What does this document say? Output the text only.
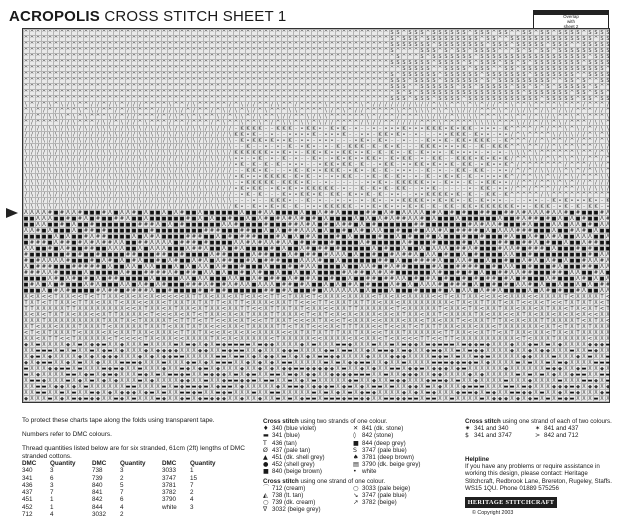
ACROPOLIS CROSS STITCH SHEET 1	Overlap
with
sheet 2
^ ^ ^ ^ ^ ^ ^ ^ ^ ^ ^ ^ ^ ^ ^ ^ ^ ^ ^ ^ ^ ^ ^ ^ ^ ^ ^ ^ ^ ^ ^ ^ ^ ^ ^ ^ ^ ^ ^ ^ ^ ^ ^ ^ ^ ^ ^ ^ ^ ^ ^ ^ ^ ^ ^ ^ ^ ^ ^ ^ ^ S S ^ S S S ^ S S S S S S ^ S S S ^ S S ^ ^ S S ^ S S ^ S S S S ^ S S S S
^ ^ ^ ^ ^ ^ ^ ^ ^ ^ ^ ^ ^ ^ ^ ^ ^ ^ ^ ^ ^ ^ ^ ^ ^ ^ ^ ^ ^ ^ ^ ^ ^ ^ ^ ^ ^ ^ ^ ^ ^ ^ ^ ^ ^ ^ ^ ^ ^ ^ ^ ^ ^ ^ ^ ^ ^ ^ ^ ^ ^ S ^ S S S ^ S S S S S S S S S ^ S S ^ ^ S S S S S S S S S S S S S S ^ S S
^ ^ ^ ^ ^ ^ ^ ^ ^ ^ ^ ^ ^ ^ ^ ^ ^ ^ ^ ^ ^ ^ ^ ^ ^ ^ ^ ^ ^ ^ ^ ^ ^ ^ ^ ^ ^ ^ ^ ^ ^ ^ ^ ^ ^ ^ ^ ^ ^ ^ ^ ^ ^ ^ ^ ^ ^ ^ ^ ^ ^ S S S S S S S ^ S S S S S S S S ^ S S S ^ S S S S S ^ S S S ^ ^ S S S S S
^ ^ ^ ^ ^ ^ ^ ^ ^ ^ ^ ^ ^ ^ ^ ^ ^ ^ ^ ^ ^ ^ ^ ^ ^ ^ ^ ^ ^ ^ ^ ^ ^ ^ ^ ^ ^ ^ ^ ^ ^ ^ ^ ^ ^ ^ ^ ^ ^ ^ ^ ^ ^ ^ ^ ^ ^ ^ ^ ^ ^ S ^ ^ ^ ^ S S S ^ S ^ S S ^ S S S S ^ ^ ^ S ^ S ^ S S ^ S S S S S S S S S
^ ^ ^ ^ ^ ^ ^ ^ ^ ^ ^ ^ ^ ^ ^ ^ ^ ^ ^ ^ ^ ^ ^ ^ ^ ^ ^ ^ ^ ^ ^ ^ ^ ^ ^ ^ ^ ^ ^ ^ ^ ^ ^ ^ ^ ^ ^ ^ ^ ^ ^ ^ ^ ^ ^ ^ ^ ^ ^ ^ ^ ^ S ^ ^ ^ S ^ S S S S S S S ^ S S S S S S S S S S S S S S S S S S ^ S S S
^ ^ ^ ^ ^ ^ ^ ^ ^ ^ ^ ^ ^ ^ ^ ^ ^ ^ ^ ^ ^ ^ ^ ^ ^ ^ ^ ^ ^ ^ ^ ^ ^ ^ ^ ^ ^ ^ ^ ^ ^ ^ ^ ^ ^ ^ ^ ^ ^ ^ ^ ^ ^ ^ ^ ^ ^ ^ ^ ^ ^ S S S S S S S ^ S S S S ^ S ^ S S S ^ S S ^ S ^ S S S S S S S S ^ S S S S
^ ^ ^ ^ ^ ^ ^ ^ ^ ^ ^ ^ ^ ^ ^ ^ ^ ^ ^ ^ ^ ^ ^ ^ ^ ^ ^ ^ ^ ^ ^ ^ ^ ^ ^ ^ ^ ^ ^ ^ ^ ^ ^ ^ ^ ^ ^ ^ ^ ^ ^ ^ ^ ^ ^ ^ ^ ^ ^ ^ ^ ^ ^ S S S S S ^ ^ S S S S ^ S S S ^ ^ S S ^ S S S S S S S S S S S S S S ^
^ ^ ^ ^ ^ ^ ^ ^ ^ ^ ^ ^ ^ ^ ^ ^ ^ ^ ^ ^ ^ ^ ^ ^ ^ ^ ^ ^ ^ ^ ^ ^ ^ ^ ^ ^ ^ ^ ^ ^ ^ ^ ^ ^ ^ ^ ^ ^ ^ ^ ^ ^ ^ ^ ^ ^ ^ ^ ^ ^ ^ S ^ S S S S S S ^ S S S S S S ^ S S S S S S S ^ S S S S S S S ^ ^ S S S S
^ ^ ^ ^ ^ ^ ^ ^ ^ ^ ^ ^ ^ ^ ^ ^ ^ ^ ^ ^ ^ ^ ^ ^ ^ ^ ^ ^ ^ ^ ^ ^ ^ ^ ^ ^ ^ ^ ^ ^ ^ ^ ^ ^ ^ ^ ^ ^ ^ ^ ^ ^ ^ ^ ^ ^ ^ ^ ^ ^ ^ S S S ^ S S S S ^ S S S S S S ^ S ^ S S S S S S S S S ^ ^ S S ^ S ^ ^ S S
^ ^ ^ ^ ^ ^ ^ ^ ^ ^ ^ ^ ^ ^ ^ ^ ^ ^ ^ ^ ^ ^ ^ ^ ^ ^ ^ ^ ^ ^ ^ ^ ^ ^ ^ ^ ^ ^ ^ ^ ^ ^ ^ ^ ^ ^ ^ ^ ^ ^ ^ ^ ^ ^ ^ ^ ^ ^ ^ ^ ^ S S S ^ ^ S S S S S S ^ S S ^ S S S S S ^ S S ^ S ^ S ^ S S S S S ^ S ^ ^
^ ^ ^ ^ ^ ^ ^ ^ ^ ^ ^ ^ ^ ^ ^ ^ ^ ^ ^ ^ ^ ^ ^ ^ ^ ^ ^ ^ ^ ^ ^ ^ ^ ^ ^ ^ ^ ^ ^ ^ ^ ^ ^ ^ ^ ^ ^ ^ ^ ^ ^ ^ ^ ^ ^ ^ ^ ^ ^ ^ ^ ^ S ^ S ^ S S S S S S S S S S S S S S S S S ^ S S S S S S S ^ S S ^ S S ^
^ ^ ^ ^ ^ ^ ^ ^ ^ ^ ^ ^ ^ ^ ^ ^ ^ ^ ^ ^ ^ ^ ^ ^ ^ ^ ^ ^ ^ ^ ^ ^ ^ ^ ^ ^ ^ ^ ^ ^ ^ ^ ^ ^ ^ ^ ^ ^ ^ ^ ^ ^ ^ ^ ^ ^ ^ ^ ^ ^ ^ S S S ^ S S S ^ S S S S ^ S S S S S S S S S S S S ^ S S S S S ^ S S ^ S S
\ ^ / ^ \ ^ \ / \ ^ ^ / / ^ / \ ^ / / / ^ ^ ^ ^ \ ^ ^ / \ ^ ^ ^ ^ ^ / ^ \ / / ^ ^ / \ ^ ^ / ^ ^ ^ ^ \ ^ ^ ^ ^ ^ \ ^ / / / / / / / \ / / ^ \ \ ^ ^ \ ^ \ ^ / / ^ ^ \ ^ ^ \ ^ ^ ^ ^ \ ^ ^ ^ / ^ ^ ^ /
^ \ ^ / ^ / ^ ^ ^ \ ^ \ / ^ ^ / ^ / \ ^ ^ ^ / / / \ / ^ / ^ ^ / ^ \ / \ ^ \ / ^ \ ^ ^ ^ \ \ ^ ^ ^ ^ \ / ^ \ ^ / / ^ ^ ^ ^ ^ \ ^ ^ \ \ \ ^ \ ^ \ \ / / / ^ ^ ^ \ ^ / \ / \ ^ / \ ^ / \ / ^ ^ ^ / / ^
/ / ^ / \ \ \ ^ \ ^ \ ^ ^ ^ \ / ^ / / ^ ^ ^ / ^ / \ ^ \ ^ \ ^ ^ \ / ^ \ \ ^ / \ ^ ^ \ / / ^ ^ \ / \ \ ^ ^ ^ ^ ^ ^ \ ^ / ^ ^ / ^ ^ ^ \ \ / \ / ^ \ \ \ \ ^ ^ ^ \ ^ \ ^ ^ / ^ \ / \ ^ ^ \ ^ \ ^ ^ ^ \
^ / ^ ^ ^ ^ / / \ ^ ^ ^ / \ / ^ \ / / ^ \ ^ ^ ^ / ^ ^ / ^ ^ ^ / ^ \ ^ ^ \ ^ ^ \ ^ / ^ \ \ ^ \ \ ^ \ / / ^ ^ ^ ^ / \ / / ^ ^ / / / / ^ ^ ^ \ ^ ^ ^ ^ ^ \ \ \ \ ^ ^ ^ \ / / ^ / \ ^ \ / ^ ^ ^ / \ \ ^
/ / / \ \ \ / \ \ / \ / \ \ \ / / \ \ \ / \ / \ \ / \ / \ \ / \ / / / - K K K K - - K K K - • K K • - K • K - • - - • - • • • K • • • K K K • K • K K - • • • - K ^ ^ ^ ^ / ^ / ^ ^ \ ^ \ / ^ / \ \
/ / / / \ \ / \ / / / / / / \ \ / / / \ \ \ \ / \ / \ / / / / / / / \ K K • K - - • - - • • • • K - • • • K - - • • - K K • K • - • - - - • • K K K - K • • - • • / ^ \ ^ ^ ^ ^ \ / \ \ / / ^ \ ^ \
/ \ \ \ / / \ \ / \ / \ / / / / / / \ \ \ \ / / \ \ / \ \ / \ / \ \ \ - K • K K • K • • K - • • - • • • - - - • K • - K • - - • - - - K • • K - K K • K K K - - K ^ ^ ^ / / ^ \ ^ ^ / ^ / ^ ^ / ^ \
/ \ / / \ \ / \ \ / / \ \ / \ / \ / \ \ / / \ / / / / \ \ \ / / / / \ - - K - - • - • - K - • K • - • - K - K K K - K - K • K - - - K K K • • • • K - - K - K K K ^ ^ \ ^ ^ / / ^ \ ^ ^ \ ^ ^ / \ /
\ / / / \ / \ \ / / / / / \ \ \ \ / / \ / \ / \ \ / \ / \ / / \ \ \ / K K K K K K • • K • • - K K • K • • K K • • K - K - K • - K - K • • • - K • • • • - • - • - \ \ \ ^ \ ^ ^ ^ ^ ^ ^ \ ^ ^ / ^ \
/ / \ \ / / / \ / / / \ \ / / / / / / \ \ \ / / / / \ / / \ / \ \ / \ • • - • K - • - K - • - - K • - • K • K • • K K • - K • K K - • - K K - - K K K • K • K • K / ^ ^ \ \ / ^ \ ^ \ ^ \ / ^ ^ / ^
\ \ \ \ \ \ \ / \ \ / \ \ \ / \ / \ \ / / / / \ \ \ / / \ / \ \ / / / • K - K - K - K - • • • - - • K K • K K - K - - • K K - • • K K • K • • K - K K - • K • • K ^ / ^ ^ ^ ^ ^ ^ ^ / ^ ^ ^ / \ / ^
\ / \ \ \ \ \ / / / \ / / / / \ \ \ \ \ / / \ \ \ / \ \ / / \ / / / / - - K K • K - - - • K - K • • K K K - • K • - K - K - • • • - - K - • - - K K - K K - - • • / ^ / ^ / \ \ / \ ^ \ ^ / ^ \ \ ^
\ \ \ / \ / \ \ \ / / \ / / \ \ \ / \ / \ / / \ \ \ \ \ \ \ / / / \ / • K • • • K K K K - K • K - • - • • K K - - • K - K - K • - • - K - • K • K - K - • • • • K ^ / ^ ^ \ \ ^ \ / ^ \ / ^ ^ ^ \ \
/ \ \ / \ \ \ \ \ \ / / \ \ \ / \ \ / / \ \ \ \ / \ / / / / / \ \ \ \ - • K K K K K - K K K • K - - • - - - - - - • • K • - K K K K K • • - K • • - K - • K K • • / / ^ ^ / ^ ^ \ ^ \ ^ / / ^ / / /
\ \ \ / \ \ \ / \ / / \ \ \ \ / \ \ / \ \ / \ / \ / \ / / \ \ / / / / • K • K K - • K • K • • K K K K K - • - - K - K • K - K K - - • • K - - - - - • - K K - • • / ^ ^ / ^ ^ ^ / / ^ ^ / \ / \ \ /
/ \ / / \ / / / \ / \ \ \ \ / / \ \ \ / / \ / \ / \ \ \ \ / / \ \ / / - • K - K - - - K • • K K • K - K K - K • • K - K - • • - - • • K K K K • K - K - - K K - K ^ ^ ^ ^ ^ / \ ^ ^ ^ ^ ^ ^ ^ ^ ^ ^
\ \ / / / / \ / \ \ \ \ \ / / / \ / / \ / / \ \ / / / \ / / \ / \ \ \ - - - • - - K K K • - - K - • - - • - • - • - K • - • • K K K K • • K • K • - K - K • • • - - - - • • - - K • K • • • K • - K
\ \ \ \ \ / \ \ / \ / / / / \ / / \ \ / / / / / \ / / \ / / / \ \ \ / K • - K • • K • K - K - • • • K K K K K - • • K • K • • • K • K - K - K K - K K • K K K K K K • • - K K K - • K - K - K K - •
Λ Λ Λ Λ # ■ # Λ Λ # ■ ■ ■ # Λ ■ Λ Λ # ■ Λ ■ ■ Λ ■ Λ # ■ ■ Λ ■ ■ ■ ■ ■ ■ Λ ■ ■ # Λ Λ ■ ■ ■ ■ Λ ■ ■ Λ # # Λ ■ ■ ■ ■ # # ■ Λ # ■ Λ Λ Λ Λ ■ # Λ ■ # ■ # ■ ■ # # ■ ■ # # Λ # Λ Λ Λ # Λ Λ # ■ # ■ ■ ■ # Λ
■ ■ Λ Λ Λ ■ ■ # ■ # Λ ■ # ■ ■ # # Λ ■ ■ Λ ■ ■ ■ ■ ■ ■ # ■ Λ ■ Λ ■ ■ # ■ ■ Λ ■ Λ # ■ # Λ # Λ # ■ # ■ Λ ■ ■ ■ ■ Λ ■ Λ ■ Λ # Λ # # Λ Λ # ■ Λ ■ ■ ■ Λ ■ ■ ■ ■ ■ ■ Λ ■ ■ # Λ # # ■ # ■ Λ ■ Λ ■ # ■ ■ Λ #
■ ■ Λ Λ ■ ■ # ■ Λ ■ ■ # ■ ■ ■ ■ ■ ■ ■ # # # Λ ■ Λ ■ # ■ ■ ■ ■ ■ ■ Λ Λ # ■ ■ ■ ■ # ■ ■ ■ # # Λ # Λ ■ # ■ Λ # # ■ Λ ■ # ■ ■ ■ ■ ■ ■ # # ■ ■ ■ ■ ■ ■ ■ # Λ # Λ Λ # ■ ■ ■ # Λ ■ ■ ■ Λ Λ ■ Λ Λ ■ # ■ Λ Λ
Λ Λ # ■ Λ ■ ■ ■ Λ ■ # # ■ # ■ ■ ■ ■ ■ ■ ■ # ■ ■ ■ ■ ■ ■ ■ ■ # # # ■ ■ ■ # # ■ ■ Λ ■ Λ ■ # # Λ Λ Λ ■ Λ ■ ■ # ■ Λ # ■ Λ Λ ■ ■ # ■ ■ # ■ Λ Λ # Λ ■ # # # # ■ Λ ■ Λ Λ Λ # # # ■ ■ ■ Λ ■ ■ # Λ # ■ Λ ■ ■
■ ■ ■ ■ ■ Λ ■ Λ ■ ■ # Λ # # ■ ■ ■ ■ Λ ■ Λ # Λ ■ ■ ■ ■ # # # ■ ■ Λ ■ # ■ # # # ■ ■ ■ # Λ ■ Λ ■ # Λ ■ ■ ■ # ■ Λ ■ ■ ■ ■ # ■ ■ Λ ■ # ■ ■ # ■ Λ ■ ■ ■ # ■ ■ # ■ ■ ■ # Λ ■ ■ Λ # ■ Λ # Λ ■ ■ Λ Λ Λ ■ ■ Λ
■ # # # ■ Λ # # ■ # Λ # Λ # # Λ Λ ■ ■ # # Λ Λ Λ Λ ■ # # # ■ # ■ ■ ■ ■ Λ Λ # Λ # Λ Λ # Λ Λ ■ # ■ # ■ ■ # ■ ■ ■ ■ Λ # ■ ■ ■ ■ ■ Λ # ■ ■ ■ # ■ ■ ■ ■ # ■ Λ ■ ■ ■ # # ■ ■ # # Λ ■ # ■ ■ Λ ■ ■ Λ # # ■ ■
Λ Λ ■ ■ # ■ Λ # ■ ■ # # ■ ■ Λ Λ Λ ■ ■ Λ ■ Λ Λ Λ ■ ■ ■ Λ # # Λ ■ ■ Λ ■ # Λ ■ ■ ■ ■ # ■ Λ ■ ■ Λ # ■ # # ■ # ■ ■ ■ ■ ■ Λ ■ # ■ ■ Λ ■ ■ Λ ■ Λ Λ Λ ■ # # Λ # ■ ■ ■ # Λ Λ # ■ # # # ■ Λ ■ ■ ■ # ■ # ■ ■ ■
# ■ ■ ■ ■ ■ ■ # ■ # ■ ■ # ■ ■ ■ ■ # # ■ ■ ■ # # ■ ■ # ■ ■ ■ ■ Λ # # ■ ■ ■ ■ Λ # # ■ ■ ■ Λ # ■ # # ■ # Λ Λ Λ ■ Λ ■ ■ # ■ ■ # Λ # # Λ ■ Λ Λ ■ # ■ ■ Λ ■ # ■ ■ ■ ■ Λ Λ ■ ■ # ■ ■ ■ ■ ■ ■ ■ ■ ■ # ■ Λ Λ
# ■ # Λ Λ Λ Λ # ■ ■ ■ # ■ Λ # ■ Λ ■ # Λ ■ ■ # ■ Λ # ■ ■ Λ # Λ ■ Λ # # ■ ■ # Λ ■ # # # ■ ■ ■ Λ Λ Λ # ■ ■ Λ ■ ■ ■ ■ ■ ■ # # ■ Λ ■ ■ # # # # Λ ■ ■ Λ Λ # ■ ■ Λ ■ ■ # ■ ■ Λ # Λ ■ Λ # ■ Λ ■ ■ # Λ Λ # Λ
Λ ■ # # # ■ ■ ■ # # # # # ■ Λ ■ ■ Λ Λ ■ Λ Λ ■ ■ ■ Λ ■ Λ ■ Λ Λ ■ Λ # ■ ■ # ■ ■ ■ Λ ■ ■ ■ # ■ # Λ Λ ■ ■ ■ ■ Λ ■ ■ Λ Λ # ■ # Λ # # ■ ■ ■ ■ # Λ ■ ■ # # # # ■ ■ # ■ Λ Λ ■ ■ # ■ ■ ■ # Λ ■ ■ ■ # # ■ Λ Λ
# # # Λ Λ # ■ ■ ■ ■ Λ ■ ■ ■ ■ ■ Λ # ■ ■ # # # # Λ # ■ # # ■ Λ Λ ■ Λ ■ ■ # ■ Λ # ■ ■ Λ ■ ■ Λ ■ ■ Λ ■ ■ ■ ■ # Λ # # ■ Λ # Λ # ■ ■ ■ ■ ■ ■ Λ # ■ ■ # ■ # ■ Λ ■ ■ # # Λ Λ # # ■ ■ ■ # # ■ Λ Λ ■ ■ # Λ ■
■ ■ ■ ■ Λ # ■ Λ # ■ # ■ Λ ■ # # ■ ■ ■ ■ ■ Λ ■ ■ ■ ■ Λ Λ ■ Λ Λ ■ ■ ■ Λ Λ ■ ■ Λ # ■ # # ■ Λ # ■ # Λ ■ ■ # ■ ■ Λ ■ ■ # # ■ # # Λ Λ ■ # ■ # Λ ■ # ■ ■ # ■ # ■ # # ■ # Λ ■ # ■ ■ ■ Λ # ■ ■ ■ Λ # ■ Λ ■ Λ
■ # Λ ■ Λ ■ # ■ ■ ■ Λ # Λ ■ ■ ■ Λ Λ ■ Λ # ■ Λ # ■ ■ ■ # # # Λ # ■ # Λ # Λ Λ ■ Λ Λ Λ ■ # # ■ # Λ ■ ■ Λ ■ Λ ■ # Λ ■ # ■ ■ ■ Λ # ■ Λ ■ Λ Λ Λ # ■ # # # ■ Λ ■ ■ # ■ # ■ Λ Λ # ■ Λ ■ ■ Λ ■ ■ Λ ■ Λ ■ # #
■ ■ ■ Λ ■ # Λ # ■ ■ ■ ■ # Λ # # ■ # # # # Λ ■ ■ # ■ ■ ■ ■ # ■ # ■ # ■ ■ ■ ■ ■ ■ # # ■ # Λ ■ ■ ■ # ■ Λ Λ Λ Λ Λ Λ ■ Λ ■ ■ ■ Λ ■ ■ ■ # ■ ■ ■ # ■ Λ ■ Λ Λ ■ Λ # # Λ ■ ■ ■ ■ Λ ■ Λ # ■ # ■ ■ # Λ ■ ■ Λ Λ
X < X < < T X X < < T < T T X X < X < X < X < < < < < X T T X < X X < X T < X < < T T < T X X < T < X X X < X X X X < T X < X < X X X X < < T < X T X X < < X < < X X X < < X X X X T < X X X X T <
T X T < T T X X < T T X < X X T < X X < < X X < T X X T X T X T T < X T T < X X X < X X T T < < < T T < X X T X T T X < X X < X X X X X X X X < T X < X T T X T < X T < < X < T < < T X T X T X < T
T T X X X X X T T X X X X X X X X < < X T X X < X T X X < X T X X < X X T T < < X T T X T X T < X X < < X X T T X X X X X < T < X X X X X T < X X < T X < X X T X X < X X < X T X X < T X < X T < T
X < X < T X T X < X X < < X T T X X X X < T < < < X < X T < T X X < X < X T X X X T T X X X < T < X T < X < X < X X X < X < X T X X < X X T < X X X X T X < X X < < X T X < X X < X < X < X < < X X
X X X T X X X X X X X X X T X X T X < T X X X X T < T T T < T T < < X < X T < < T T X X T < < < X T X < < T < X X X < < X X X < X X < T X < X X T < < X X T T T X < X < X X T T X X X X T < X T X <
X T < X X < X X X T X X X T < X X X X X T X X T < X X T X T X < < < X X < T X X X X T T < T X T < < < X < T T T X X < < T < < X T < T X T T X X < X X < X X < T X X X X X X < X T < T X T X T X X X
< T < X T X X X T < X X X < X < X X T X X < X X X < T T X T X < < X < X < X < X X X X < < X T X T X T T T X X T X X < < T X X T X X X X X < T T X X < < X T T < X T X X < X X < T X < X T X X X X X
X X < X T T < < T X X X X X < T < < < < T X < X X < < X X X X T X < X < X X X X X < T X X X X X < < X X X X < X < X X < T < X < < < T T < < T T < X X X X X X X X X < T < X X X T X X X X X < X X X
◆ X ▬ X X X X ◆ X ▬ X ◆ ◆ ▬ X X ◆ X X X ▬ X X X X ▬ X ▬ ◆ X ◆ X ▬ ◆ ▬ ▬ ▬ ▬ X ▬ ◆ ◆ X X X X ◆ X ▬ X X X ▬ ▬ ◆ X X X ▬ X X ▬ X ▬ ◆ ◆ X ▬ ◆ ▬ ▬ ▬ X ▬ ◆ ◆ ▬ ◆ X X X ◆ X X ◆ ▬ X ▬ X ◆ X X X X ◆ ◆ ◆ ▬
X X ▬ ▬ ▬ X ▬ X ▬ X X ▬ X ◆ ▬ X ◆ X X X ◆ X ◆ ◆ ◆ ◆ X X X ◆ ◆ X X ▬ ◆ ▬ ▬ X X ◆ X X X ◆ ◆ ▬ X X X X ◆ ▬ X ▬ ▬ X X ◆ X ▬ ▬ ◆ X ▬ ◆ X X ◆ ▬ ◆ X X ▬ X ▬ ◆ ◆ X X X X ◆ X X ◆ X ◆ ◆ X X X ▬ X X ▬ ◆ X X
X ◆ ▬ X ◆ X X X X ◆ X ◆ X ◆ ◆ ◆ X X X ◆ X ◆ X ◆ ◆ ▬ ▬ X X X X X ▬ ▬ X ▬ ▬ X ◆ X ◆ ◆ X ▬ X ◆ X ◆ X ▬ ▬ ◆ ◆ X X X X ◆ X X X ◆ ◆ ◆ X X X X ▬ ◆ ▬ X ▬ X X ▬ ◆ ▬ X X X X X ◆ ◆ X X X ▬ X X X ◆ X ▬ X X ▬
◆ X ◆ ▬ ▬ X X ◆ X ▬ X X ◆ X X X ▬ ▬ ▬ ◆ X X X ▬ X X X ◆ ▬ X ◆ X ▬ ▬ ▬ X X ◆ X ◆ X ◆ X ▬ ▬ X X X X X ▬ X ▬ X ◆ ◆ ▬ ▬ X X ◆ X X ▬ X X X X ▬ ▬ ▬ ◆ ◆ ▬ ◆ ▬ X ◆ X X X X ▬ X ▬ X X ▬ X ▬ ◆ X X X X ▬ ▬ ▬
▬ X X X ◆ ◆ ▬ ▬ X ▬ X X X ▬ ◆ ▬ ◆ X X ▬ X X X ◆ X X ▬ ◆ X ◆ ▬ X ◆ X X X ◆ X X ◆ X ◆ X ◆ ◆ ▬ ▬ ◆ ◆ ◆ ◆ ◆ X ▬ X X ◆ X ◆ X X ▬ ▬ X ◆ ◆ ▬ X ◆ ◆ ◆ X ◆ ▬ X X X X X X ◆ X X X X X X ▬ ◆ ◆ X X ◆ ▬ X X ◆ X
▬ X ◆ X X X X ▬ ▬ X ◆ ▬ X ◆ ▬ ◆ X X X ▬ ◆ X ▬ X ▬ ▬ ◆ ▬ X X ▬ ◆ ◆ ◆ X ▬ X ◆ ▬ X X ▬ ▬ X ▬ ◆ X ◆ ◆ X X ◆ ◆ ◆ ◆ ▬ ▬ ▬ X X ▬ X X ◆ ◆ ◆ X X ◆ ◆ X X X X ◆ X ◆ X X X X X ▬ X ▬ X ▬ X ◆ X X ◆ ▬ ▬ X X ▬ ▬
X ▬ ▬ ◆ X X X ▬ X ◆ X ▬ X ◆ X ◆ X X X ▬ X ◆ X X X X ◆ ◆ X X ▬ X X ◆ ▬ ▬ ◆ ◆ ▬ X ▬ ▬ X X ▬ X ◆ X ▬ X X X X X ◆ ▬ X X ◆ X X ▬ ◆ ◆ X X X ◆ ▬ ▬ ◆ X ▬ X X ◆ X X X X ▬ X X X ◆ X X X X ▬ X X X ▬ ▬ ◆ X ▬
X X ▬ ▬ X ◆ ◆ X ◆ X ▬ X X X X X X ▬ ▬ X X X X ▬ X ▬ ◆ ▬ ▬ ◆ ▬ X ◆ ▬ ▬ X ◆ X X X X X ◆ X ▬ ▬ ◆ X ◆ ◆ ◆ ▬ X ◆ ▬ X ◆ X ▬ ▬ X ▬ X X ◆ ◆ X ▬ X ◆ X X X ◆ ▬ ▬ ▬ X X X ▬ ▬ X ▬ ◆ X X X ◆ ◆ ◆ ▬ ◆ X ◆ ◆ X ◆
X X ▬ ▬ X X ▬ X ▬ X X ▬ ◆ X ◆ X ◆ ◆ ◆ X ◆ ▬ X ▬ X X ▬ ▬ ◆ ▬ X X ▬ ◆ ▬ X X X ▬ X X ▬ ▬ X X X X X ▬ X ▬ X ◆ X ▬ X ◆ ▬ ◆ X X X X ◆ X ◆ X ▬ ◆ X X X ◆ ▬ ▬ ◆ X ▬ ◆ X X ▬ ▬ ◆ ◆ X ▬ X X ◆ X ▬ ◆ X X X ◆ ▬
◆ X X X ▬ X ◆ X ▬ ◆ ▬ ◆ ◆ X X ▬ ◆ X ▬ X X X ▬ ◆ X X ◆ ▬ X ◆ ▬ ◆ ◆ ◆ X X ◆ X X ◆ X X ▬ X ▬ X ◆ ▬ ▬ X ▬ ▬ ▬ ◆ ▬ ▬ ◆ ◆ X X ▬ ▬ ◆ ◆ ▬ ▬ X ▬ ▬ X X ▬ X X X X ▬ X ◆ ◆ ◆ X ◆ X ◆ ▬ X ▬ X ▬ ◆ ▬ X X X ▬ X X

To protect these charts tape along the folds using transparent tape.

Numbers refer to DMC colours.

Thread quantities listed below are for six stranded, 61cm (2ft) lengths of DMC stranded cottons.

DMC Quantity
340	3
341	6
436	3
437	7
451	1
452	1
712	4
DMC Quantity
738	3
739	2
840	5
841	7
842	6
844	4
3032 2
DMC Quantity
3033 1
3747 15
3781 7
3782 2
3790 4
white 3
Cross stitch using two strands of one colour.
♦ 340 (blue violet)	✕ 841 (dk. stone)
▬ 341 (blue)	◊ 842 (stone)
T 436 (tan)	■ 844 (deep grey)
Ø 437 (pale tan)	S 3747 (pale blue)
▲ 451 (dk. shell grey)	♠ 3781 (deep brown)
● 452 (shell grey)	▤ 3790 (dk. beige grey)
■ 840 (beige brown)	• white
Cross stitch using one strand of one colour.
⌒ 712 (cream)	○ 3033 (pale beige)
◭ 738 (lt. tan)	↘ 3747 (pale blue)
○ 739 (dk. cream)	↗ 3782 (beige)
∇ 3032 (beige grey)
Cross stitch using one strand of each of two colours.
✷ 341 and 340	✶ 841 and 437
$ 341 and 3747	> 842 and 712
Helpline
If you have any problems or require assistance in working this design, please contact: Heritage Stitchcraft, Redbrook Lane, Brereton, Rugeley, Staffs. WS15 1QU. Phone 01889 575256
HERITAGE STITCHCRAFT
© Copyright 2003
